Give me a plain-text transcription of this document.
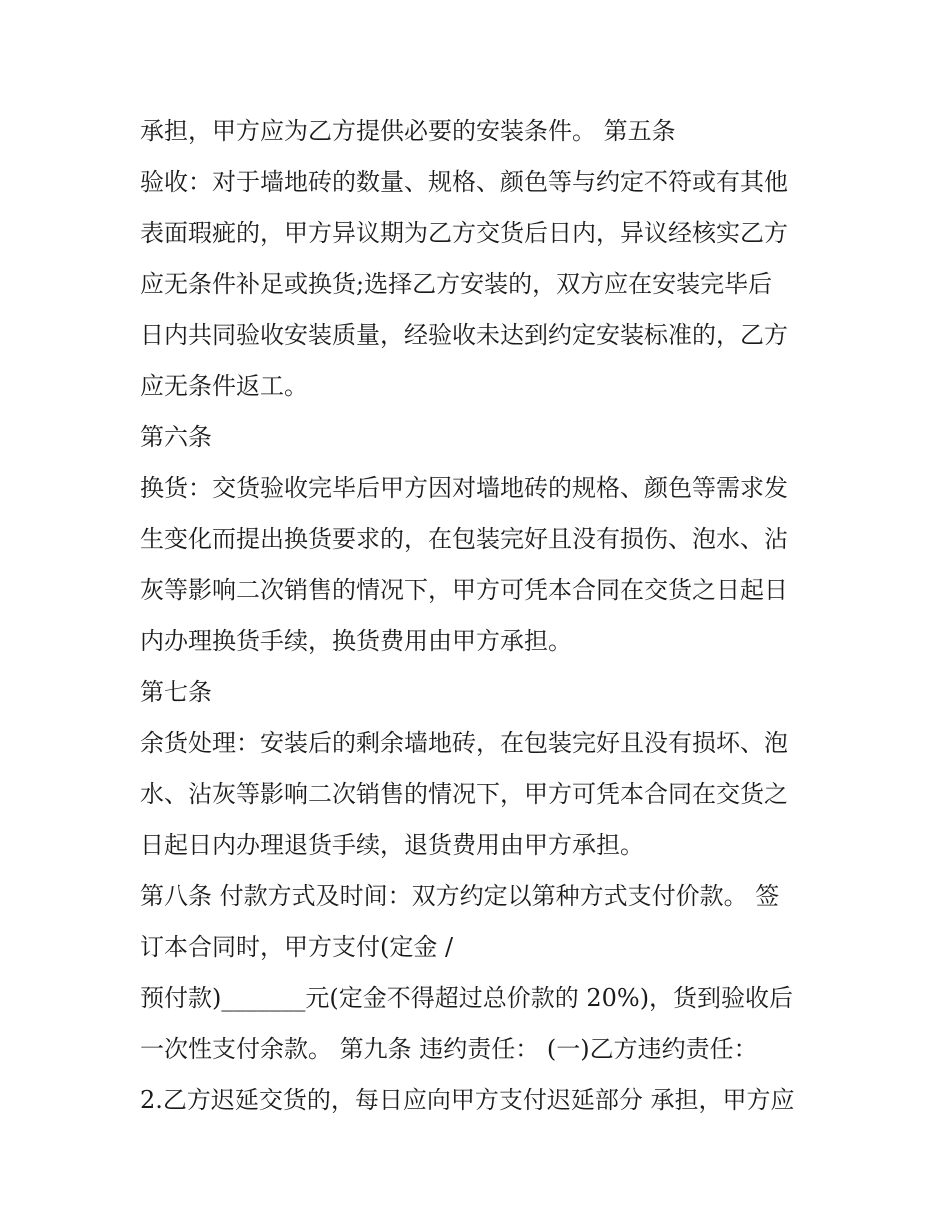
承担，甲方应为乙方提供必要的安装条件。 第五条
验收：对于墙地砖的数量、规格、颜色等与约定不符或有其他
表面瑕疵的，甲方异议期为乙方交货后日内，异议经核实乙方
应无条件补足或换货;选择乙方安装的，双方应在安装完毕后
日内共同验收安装质量，经验收未达到约定安装标准的，乙方
应无条件返工。
第六条
换货：交货验收完毕后甲方因对墙地砖的规格、颜色等需求发
生变化而提出换货要求的，在包装完好且没有损伤、泡水、沾
灰等影响二次销售的情况下，甲方可凭本合同在交货之日起日
内办理换货手续，换货费用由甲方承担。
第七条
余货处理：安装后的剩余墙地砖，在包装完好且没有损坏、泡
水、沾灰等影响二次销售的情况下，甲方可凭本合同在交货之
日起日内办理退货手续，退货费用由甲方承担。
第八条 付款方式及时间：双方约定以第种方式支付价款。 签
订本合同时，甲方支付(定金 /
预付款)_______元(定金不得超过总价款的 20%)，货到验收后
一次性支付余款。 第九条 违约责任： (一)乙方违约责任：
2.乙方迟延交货的，每日应向甲方支付迟延部分 承担，甲方应
